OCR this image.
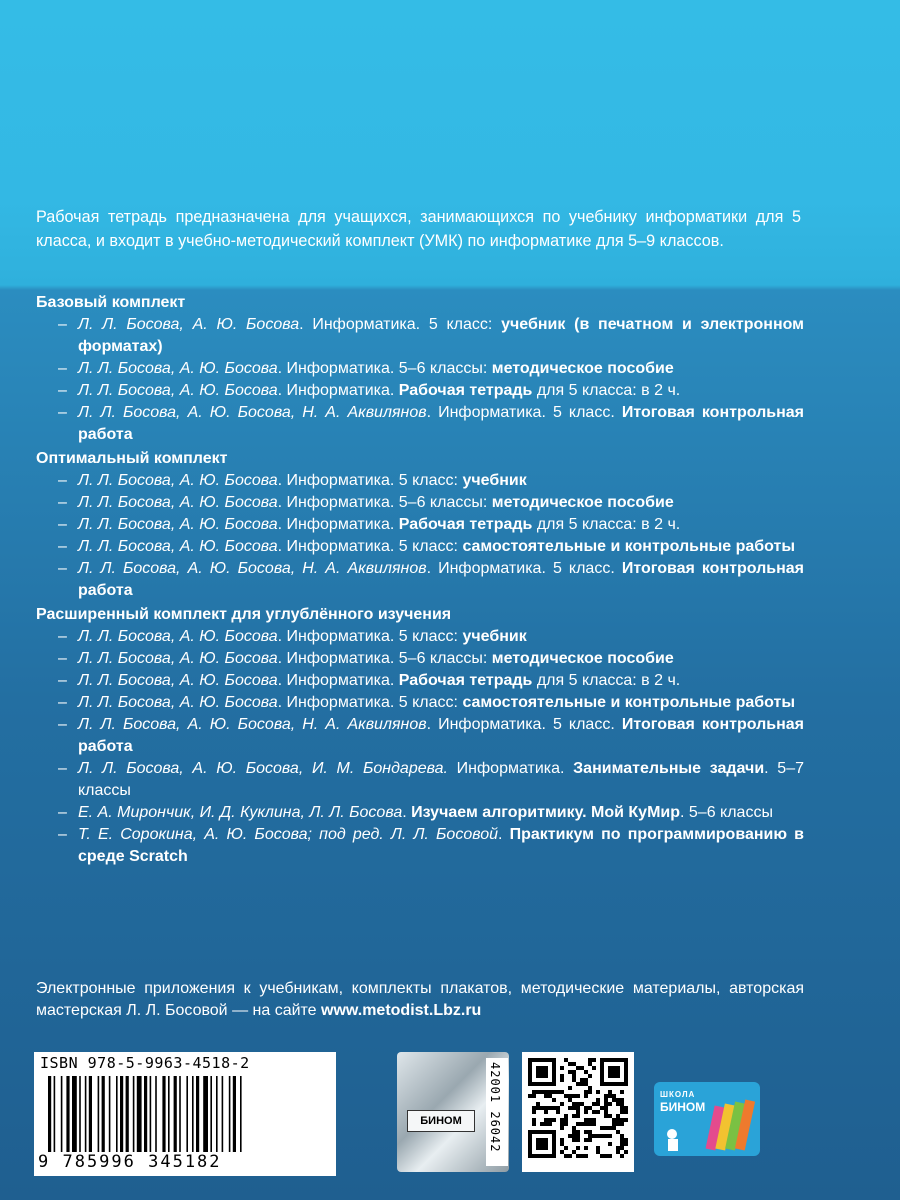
Рабочая тетрадь предназначена для учащихся, занимающихся по учебнику информатики для 5 класса, и входит в учебно-методический комплект (УМК) по информатике для 5–9 классов.
Базовый комплект
– Л. Л. Босова, А. Ю. Босова. Информатика. 5 класс: учебник (в печатном и электронном форматах)
– Л. Л. Босова, А. Ю. Босова. Информатика. 5–6 классы: методическое пособие
– Л. Л. Босова, А. Ю. Босова. Информатика. Рабочая тетрадь для 5 класса: в 2 ч.
– Л. Л. Босова, А. Ю. Босова, Н. А. Аквилянов. Информатика. 5 класс. Итоговая контрольная работа
Оптимальный комплект
– Л. Л. Босова, А. Ю. Босова. Информатика. 5 класс: учебник
– Л. Л. Босова, А. Ю. Босова. Информатика. 5–6 классы: методическое пособие
– Л. Л. Босова, А. Ю. Босова. Информатика. Рабочая тетрадь для 5 класса: в 2 ч.
– Л. Л. Босова, А. Ю. Босова. Информатика. 5 класс: самостоятельные и контрольные работы
– Л. Л. Босова, А. Ю. Босова, Н. А. Аквилянов. Информатика. 5 класс. Итоговая контрольная работа
Расширенный комплект для углублённого изучения
– Л. Л. Босова, А. Ю. Босова. Информатика. 5 класс: учебник
– Л. Л. Босова, А. Ю. Босова. Информатика. 5–6 классы: методическое пособие
– Л. Л. Босова, А. Ю. Босова. Информатика. Рабочая тетрадь для 5 класса: в 2 ч.
– Л. Л. Босова, А. Ю. Босова. Информатика. 5 класс: самостоятельные и контрольные работы
– Л. Л. Босова, А. Ю. Босова, Н. А. Аквилянов. Информатика. 5 класс. Итоговая контрольная работа
– Л. Л. Босова, А. Ю. Босова, И. М. Бондарева. Информатика. Занимательные задачи. 5–7 классы
– Е. А. Мирончик, И. Д. Куклина, Л. Л. Босова. Изучаем алгоритмику. Мой КуМир. 5–6 классы
– Т. Е. Сорокина, А. Ю. Босова; под ред. Л. Л. Босовой. Практикум по программированию в среде Scratch
Электронные приложения к учебникам, комплекты плакатов, методические материалы, авторская мастерская Л. Л. Босовой — на сайте www.metodist.Lbz.ru
ISBN 978-5-9963-4518-2
9 785996 345182
БИНОМ	42001 26042	ШКОЛА
БИНОМ
